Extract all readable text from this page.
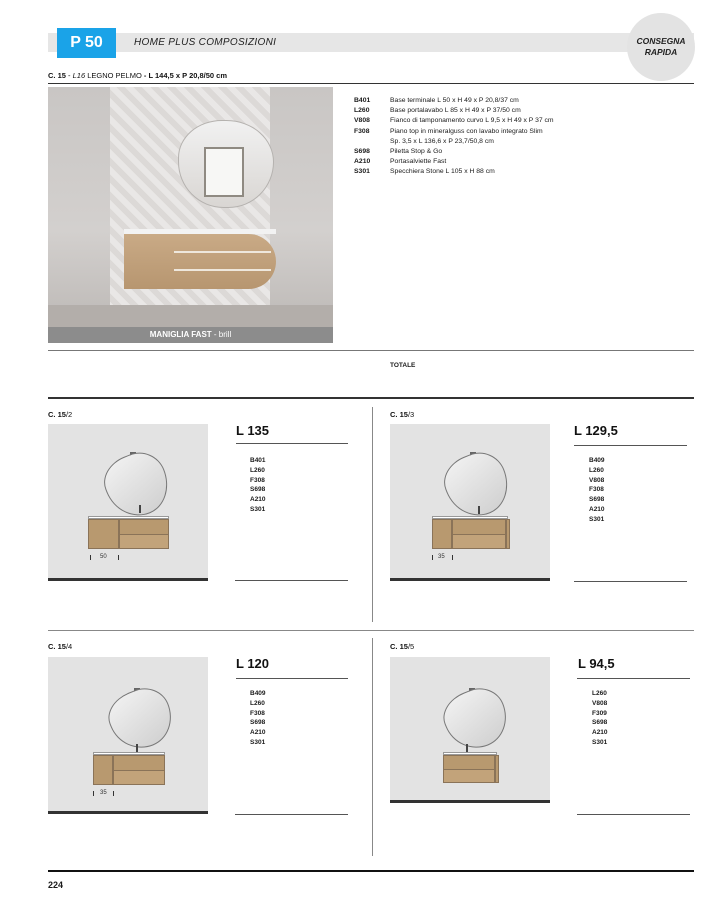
P 50	HOME PLUS COMPOSIZIONI	CONSEGNA
RAPIDA
C. 15 - L16 LEGNO PELMO - L 144,5 x P 20,8/50 cm
MANIGLIA FAST - brill
B401	Base terminale L 50 x H 49 x P 20,8/37 cm
L260	Base portalavabo L 85 x H 49 x P 37/50 cm
V808	Fianco di tamponamento curvo L 9,5 x H 49 x P 37 cm
F308	Piano top in mineralguss con lavabo integrato Slim
Sp. 3,5 x L 136,6 x P 23,7/50,8 cm
S698	Piletta Stop & Go
A210	Portasalviette Fast
S301	Specchiera Stone L 105 x H 88 cm
TOTALE
C. 15/2
50
L 135
B401
L260
F308
S698
A210
S301
C. 15/3
35
L 129,5
B409
L260
V808
F308
S698
A210
S301
C. 15/4
35
L 120
B409
L260
F308
S698
A210
S301
C. 15/5
L 94,5
L260
V808
F309
S698
A210
S301
224
